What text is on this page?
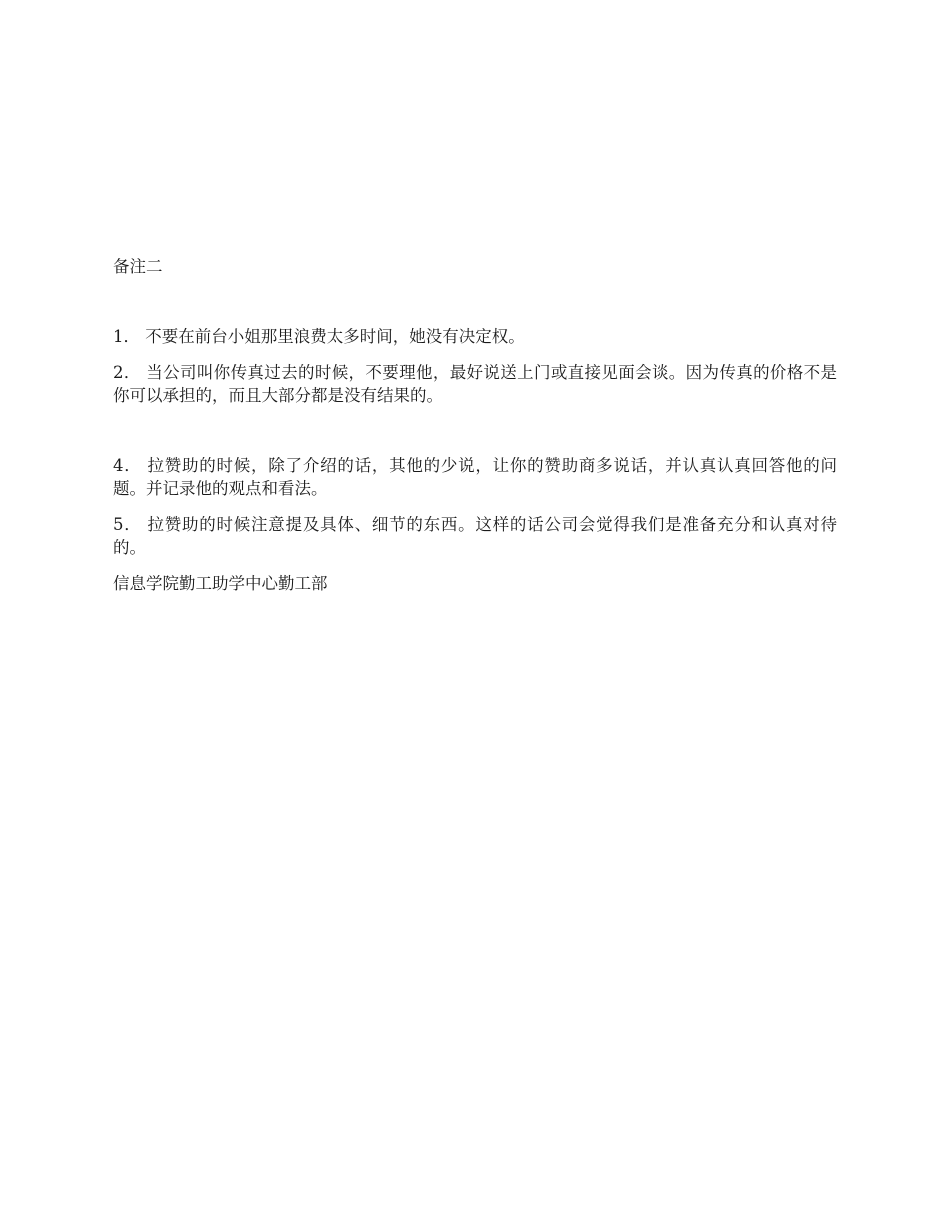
备注二

1． 不要在前台小姐那里浪费太多时间，她没有决定权。

2． 当公司叫你传真过去的时候，不要理他，最好说送上门或直接见面会谈。因为传真的价格不是你可以承担的，而且大部分都是没有结果的。

4． 拉赞助的时候，除了介绍的话，其他的少说，让你的赞助商多说话，并认真认真回答他的问题。并记录他的观点和看法。

5． 拉赞助的时候注意提及具体、细节的东西。这样的话公司会觉得我们是准备充分和认真对待的。

信息学院勤工助学中心勤工部
